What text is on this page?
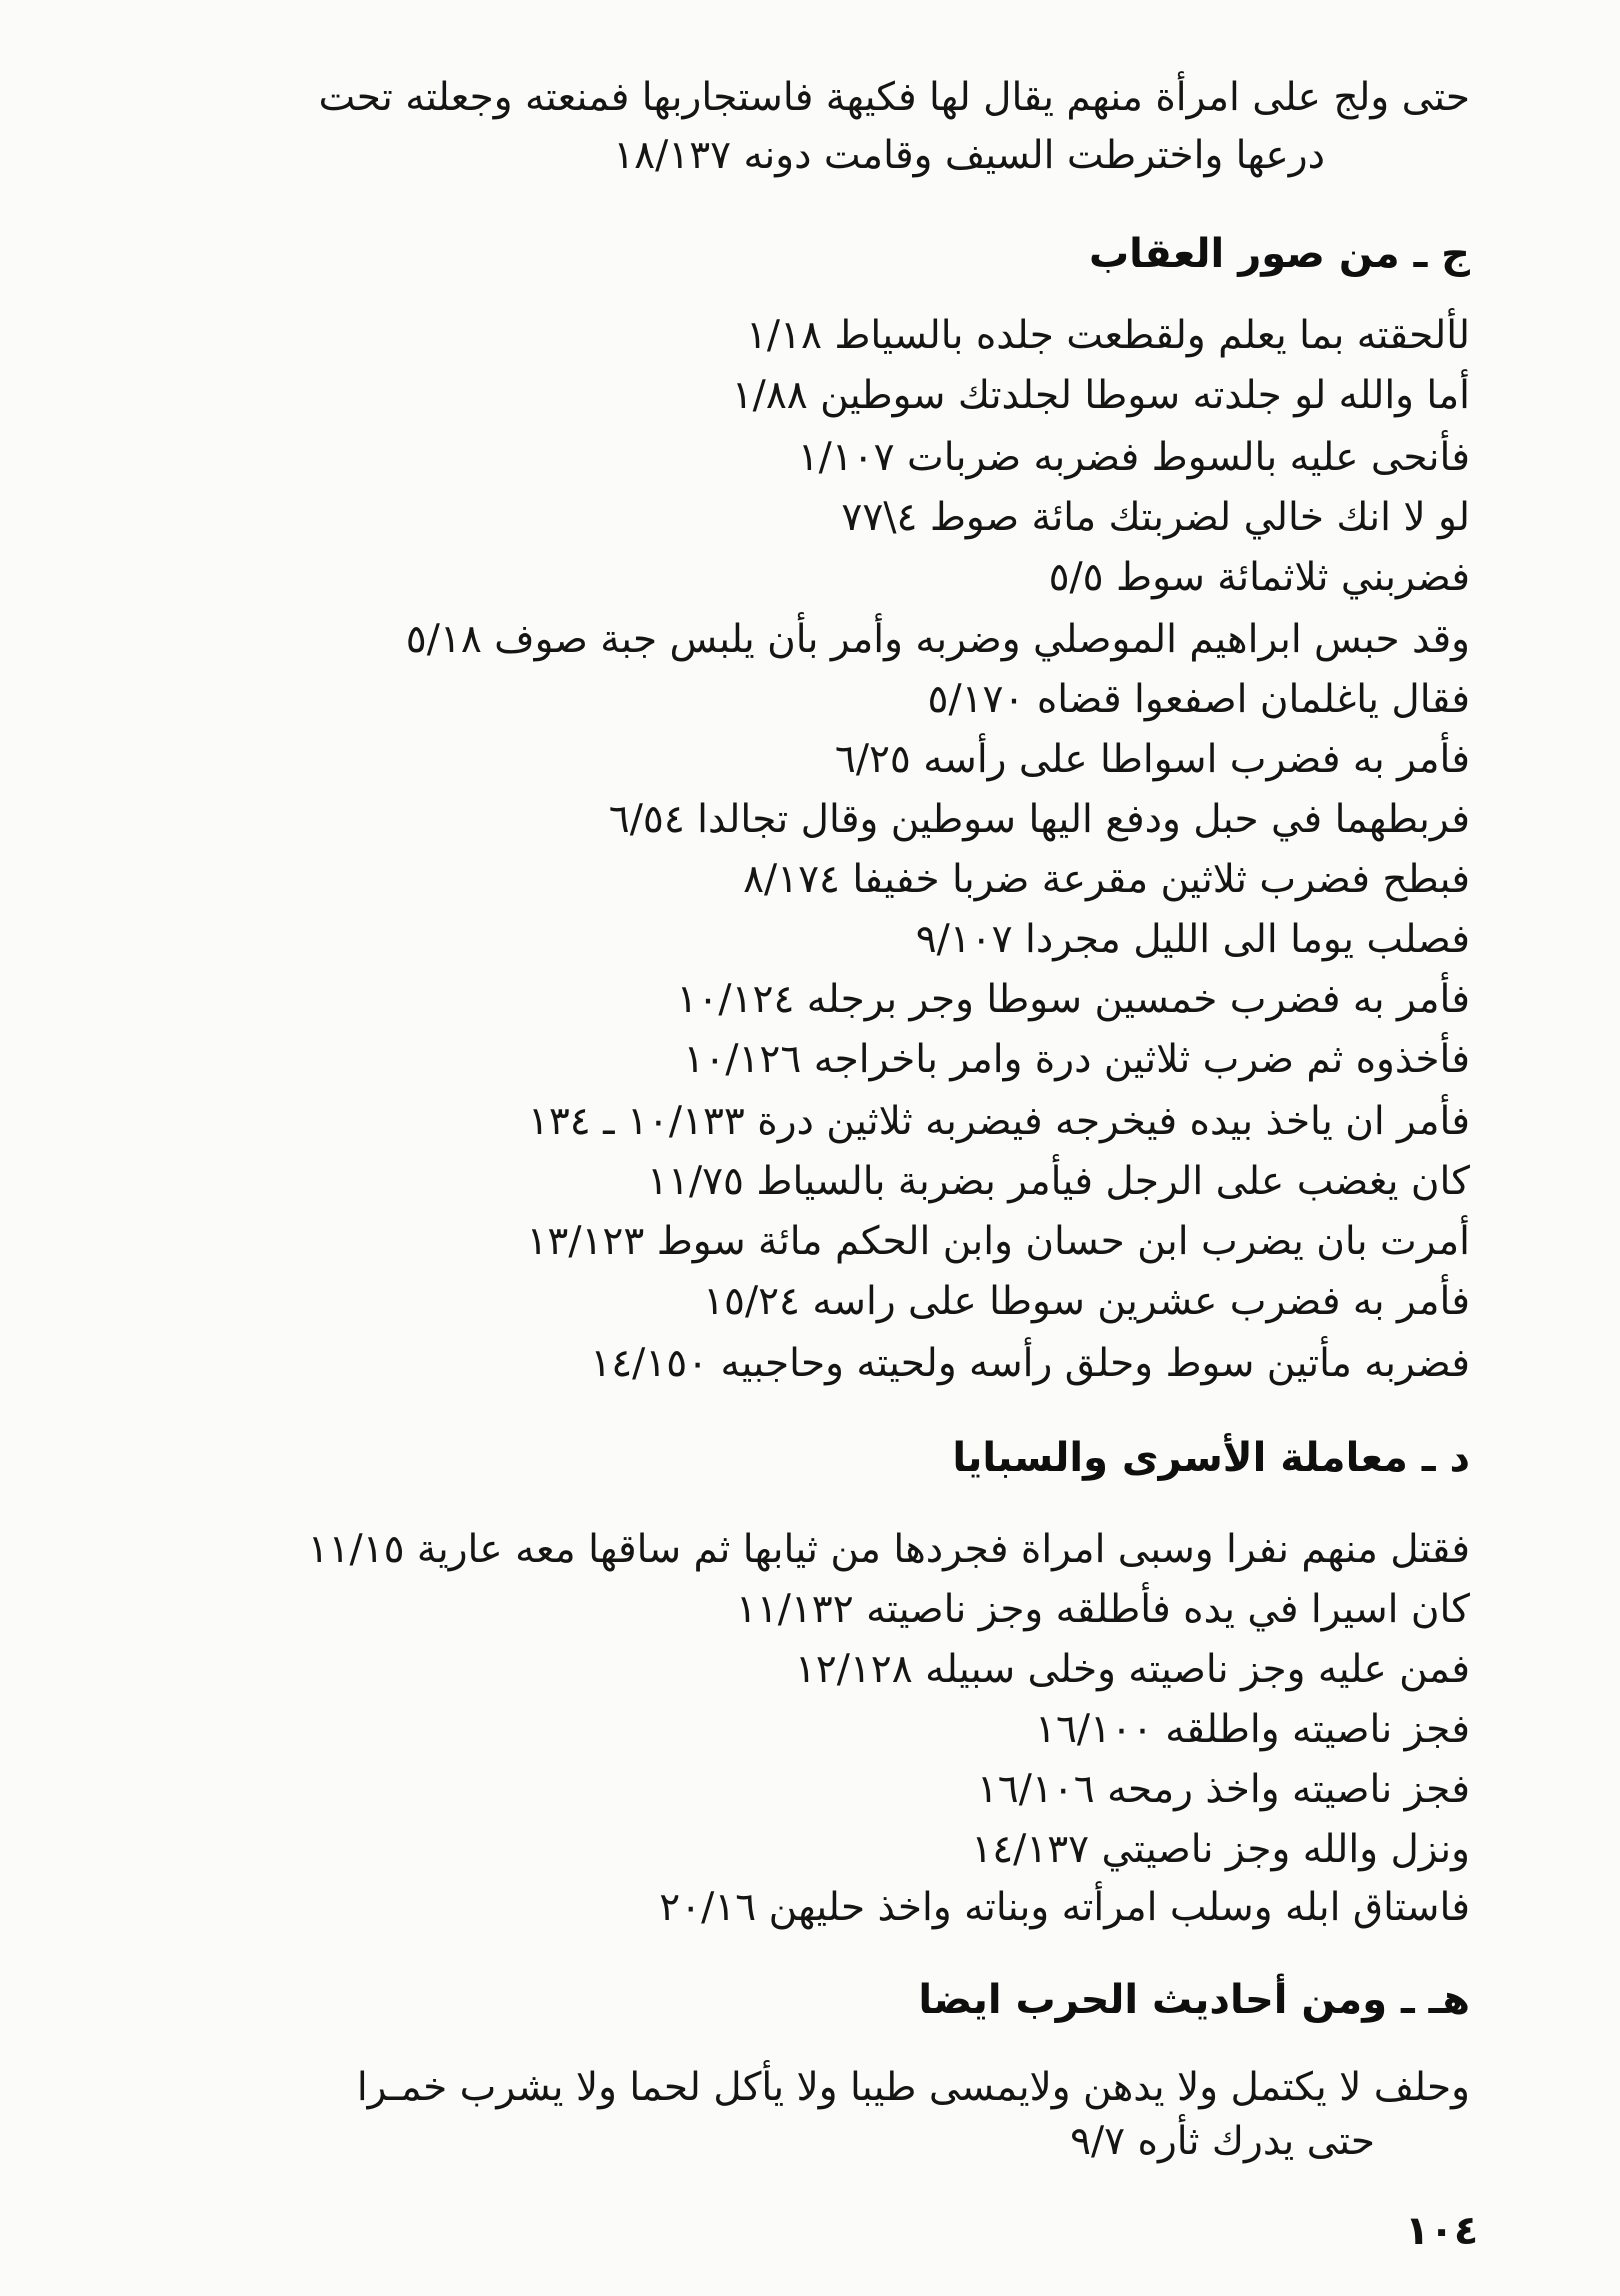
حتى ولج على امرأة منهم يقال لها فكيهة فاستجاربها فمنعته وجعلته تحت
درعها واخترطت السيف وقامت دونه ١٨/١٣٧
ج ـ من صور العقاب
لألحقته بما يعلم ولقطعت جلده بالسياط ١/١٨
أما والله لو جلدته سوطا لجلدتك سوطين ١/٨٨
فأنحى عليه بالسوط فضربه ضربات ١/١٠٧
لو لا انك خالي لضربتك مائة صوط ٤\٧٧
فضربني ثلاثمائة سوط ٥/٥
وقد حبس ابراهيم الموصلي وضربه وأمر بأن يلبس جبة صوف ٥/١٨
فقال ياغلمان اصفعوا قضاه ٥/١٧٠
فأمر به فضرب اسواطا على رأسه ٦/٢٥
فربطهما في حبل ودفع اليها سوطين وقال تجالدا ٦/٥٤
فبطح فضرب ثلاثين مقرعة ضربا خفيفا ٨/١٧٤
فصلب يوما الى الليل مجردا ٩/١٠٧
فأمر به فضرب خمسين سوطا وجر برجله ١٠/١٢٤
فأخذوه ثم ضرب ثلاثين درة وامر باخراجه ١٠/١٢٦
فأمر ان ياخذ بيده فيخرجه فيضربه ثلاثين درة ١٠/١٣٣ ـ ١٣٤
كان يغضب على الرجل فيأمر بضربة بالسياط ١١/٧٥
أمرت بان يضرب ابن حسان وابن الحكم مائة سوط ١٣/١٢٣
فأمر به فضرب عشرين سوطا على راسه ١٥/٢٤
فضربه مأتين سوط وحلق رأسه ولحيته وحاجبيه ١٤/١٥٠
د ـ معاملة الأسرى والسبايا
فقتل منهم نفرا وسبى امراة فجردها من ثيابها ثم ساقها معه عارية ١١/١٥
كان اسيرا في يده فأطلقه وجز ناصيته ١١/١٣٢
فمن عليه وجز ناصيته وخلى سبيله ١٢/١٢٨
فجز ناصيته واطلقه ١٦/١٠٠
فجز ناصيته واخذ رمحه ١٦/١٠٦
ونزل والله وجز ناصيتي ١٤/١٣٧
فاستاق ابله وسلب امرأته وبناته واخذ حليهن ٢٠/١٦
هـ ـ ومن أحاديث الحرب ايضا
وحلف لا يكتمل ولا يدهن ولايمسى طيبا ولا يأكل لحما ولا يشرب خمـرا
حتى يدرك ثأره ٩/٧
١٠٤
